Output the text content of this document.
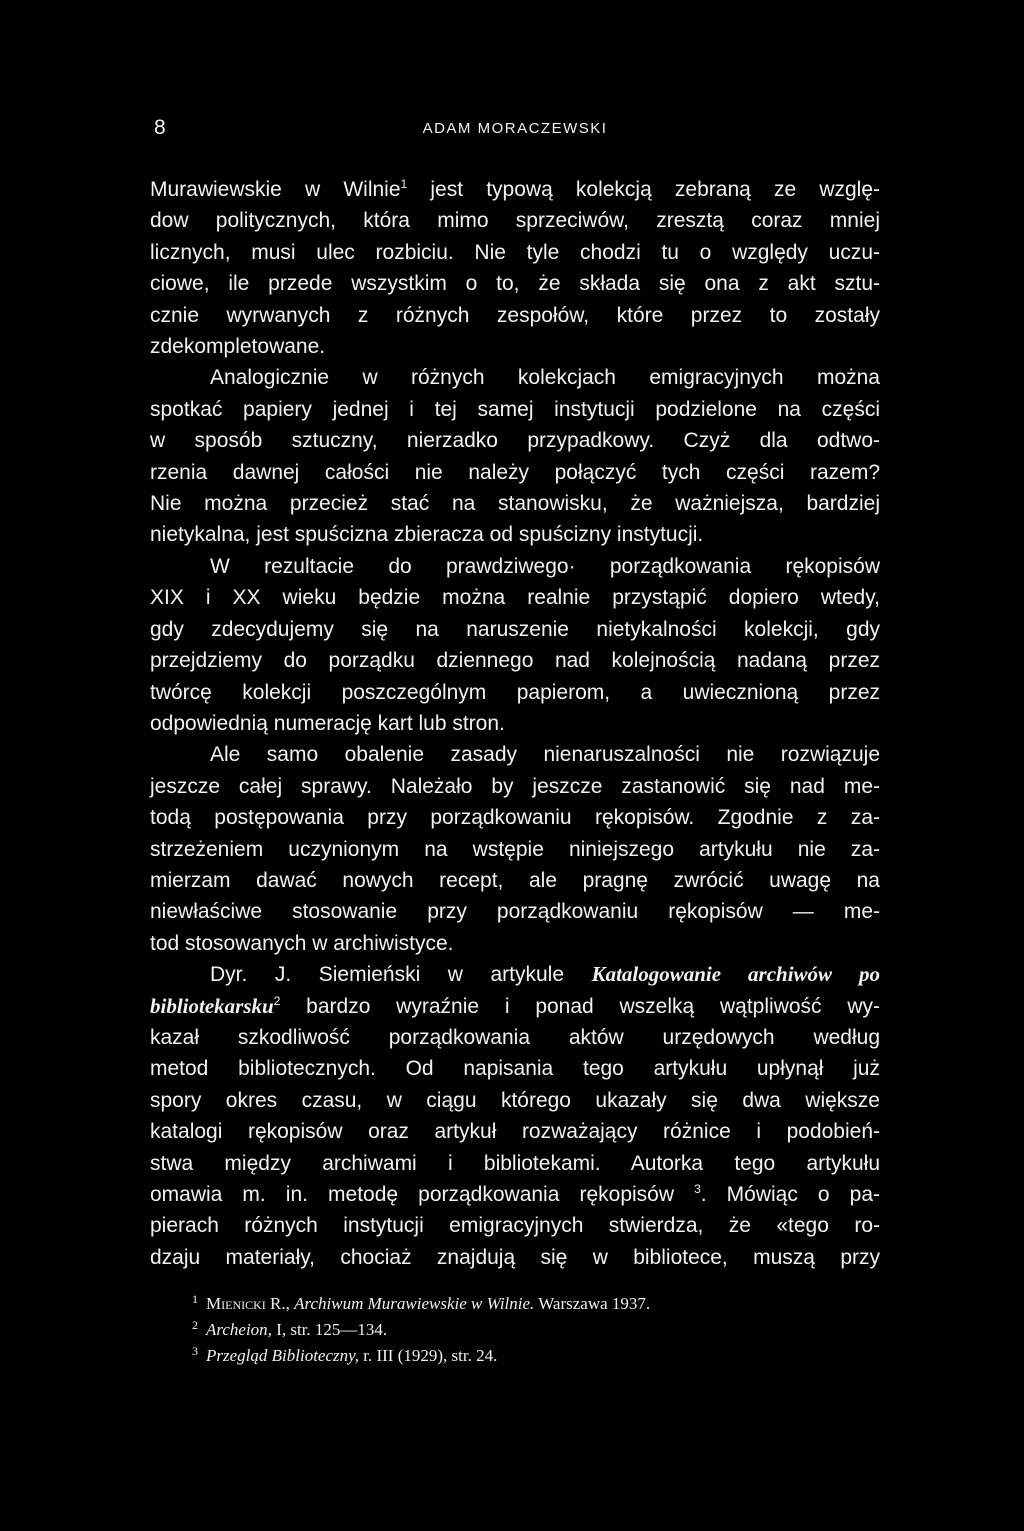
8	ADAM MORACZEWSKI
Murawiewskie w Wilnie$^1$ jest typową kolekcją zebraną ze wzglę-
dow politycznych, która mimo sprzeciwów, zresztą coraz mniej
licznych, musi ulec rozbiciu. Nie tyle chodzi tu o względy uczu-
ciowe, ile przede wszystkim o to, że składa się ona z akt sztu-
cznie wyrwanych z różnych zespołów, które przez to zostały
zdekompletowane.
Analogicznie w różnych kolekcjach emigracyjnych można
spotkać papiery jednej i tej samej instytucji podzielone na części
w sposób sztuczny, nierzadko przypadkowy. Czyż dla odtwo-
rzenia dawnej całości nie należy połączyć tych części razem?
Nie można przecież stać na stanowisku, że ważniejsza, bardziej
nietykalna, jest spuścizna zbieracza od spuścizny instytucji.
W rezultacie do prawdziwego· porządkowania rękopisów
XIX i XX wieku będzie można realnie przystąpić dopiero wtedy,
gdy zdecydujemy się na naruszenie nietykalności kolekcji, gdy
przejdziemy do porządku dziennego nad kolejnością nadaną przez
twórcę kolekcji poszczególnym papierom, a uwiecznioną przez
odpowiednią numerację kart lub stron.
Ale samo obalenie zasady nienaruszalności nie rozwiązuje
jeszcze całej sprawy. Należało by jeszcze zastanowić się nad me-
todą postępowania przy porządkowaniu rękopisów. Zgodnie z za-
strzeżeniem uczynionym na wstępie niniejszego artykułu nie za-
mierzam dawać nowych recept, ale pragnę zwrócić uwagę na
niewłaściwe stosowanie przy porządkowaniu rękopisów — me-
tod stosowanych w archiwistyce.
Dyr. J. Siemieński w artykule Katalogowanie archiwów po
bibliotekarsku$^2$ bardzo wyraźnie i ponad wszelką wątpliwość wy-
kazał szkodliwość porządkowania aktów urzędowych według
metod bibliotecznych. Od napisania tego artykułu upłynął już
spory okres czasu, w ciągu którego ukazały się dwa większe
katalogi rękopisów oraz artykuł rozważający różnice i podobień-
stwa między archiwami i bibliotekami. Autorka tego artykułu
omawia m. in. metodę porządkowania rękopisów $^3$. Mówiąc o pa-
pierach różnych instytucji emigracyjnych stwierdza, że «tego ro-
dzaju materiały, chociaż znajdują się w bibliotece, muszą przy
$^1$ Mienicki R., Archiwum Murawiewskie w Wilnie. Warszawa 1937.
$^2$ Archeion, I, str. 125—134.
$^3$ Przegląd Biblioteczny, r. III (1929), str. 24.
